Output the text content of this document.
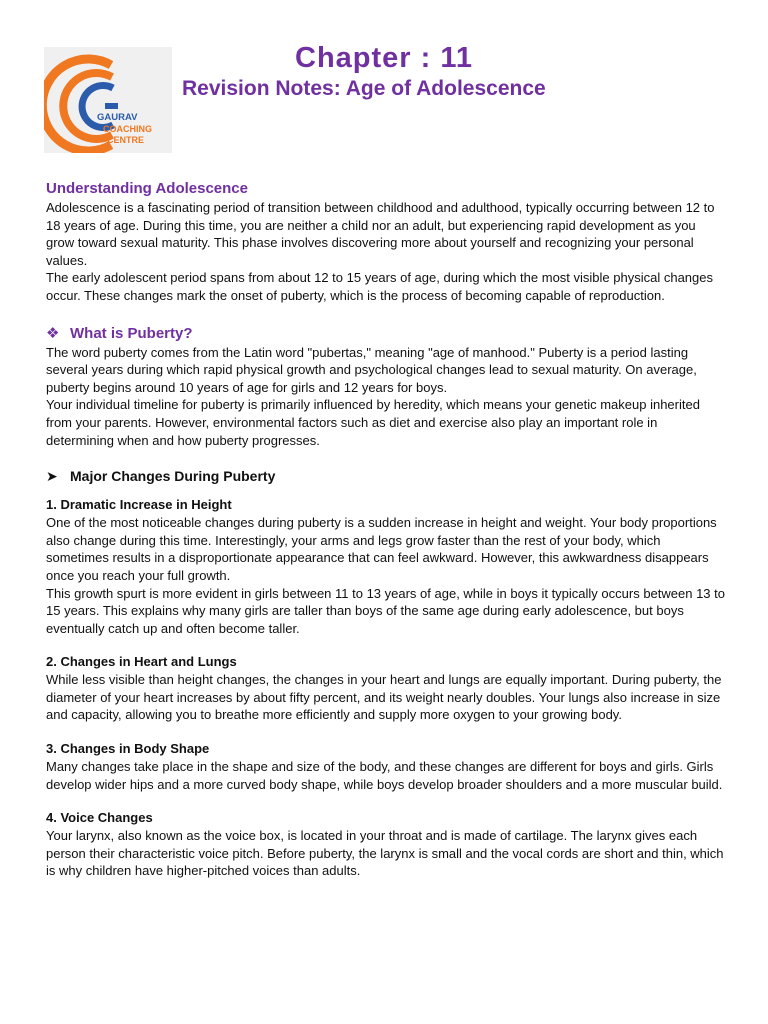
GAURAV
COACHING
CENTRE
Chapter : 11
Revision Notes: Age of Adolescence
Understanding Adolescence

Adolescence is a fascinating period of transition between childhood and adulthood, typically occurring between 12 to 18 years of age. During this time, you are neither a child nor an adult, but experiencing rapid development as you grow toward sexual maturity. This phase involves discovering more about yourself and recognizing your personal values.

The early adolescent period spans from about 12 to 15 years of age, during which the most visible physical changes occur. These changes mark the onset of puberty, which is the process of becoming capable of reproduction.

❖ What is Puberty?

The word puberty comes from the Latin word "pubertas," meaning "age of manhood." Puberty is a period lasting several years during which rapid physical growth and psychological changes lead to sexual maturity. On average, puberty begins around 10 years of age for girls and 12 years for boys.

Your individual timeline for puberty is primarily influenced by heredity, which means your genetic makeup inherited from your parents. However, environmental factors such as diet and exercise also play an important role in determining when and how puberty progresses.

➤ Major Changes During Puberty
1. Dramatic Increase in Height

One of the most noticeable changes during puberty is a sudden increase in height and weight. Your body proportions also change during this time. Interestingly, your arms and legs grow faster than the rest of your body, which sometimes results in a disproportionate appearance that can feel awkward. However, this awkwardness disappears once you reach your full growth.

This growth spurt is more evident in girls between 11 to 13 years of age, while in boys it typically occurs between 13 to 15 years. This explains why many girls are taller than boys of the same age during early adolescence, but boys eventually catch up and often become taller.

2. Changes in Heart and Lungs

While less visible than height changes, the changes in your heart and lungs are equally important. During puberty, the diameter of your heart increases by about fifty percent, and its weight nearly doubles. Your lungs also increase in size and capacity, allowing you to breathe more efficiently and supply more oxygen to your growing body.

3. Changes in Body Shape

Many changes take place in the shape and size of the body, and these changes are different for boys and girls. Girls develop wider hips and a more curved body shape, while boys develop broader shoulders and a more muscular build.

4. Voice Changes

Your larynx, also known as the voice box, is located in your throat and is made of cartilage. The larynx gives each person their characteristic voice pitch. Before puberty, the larynx is small and the vocal cords are short and thin, which is why children have higher-pitched voices than adults.
